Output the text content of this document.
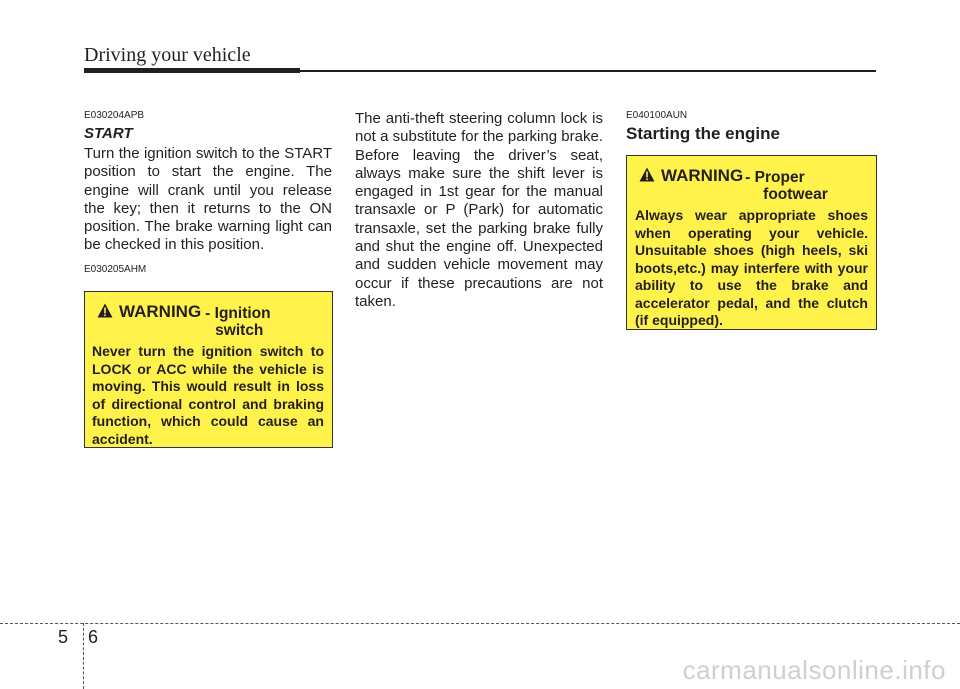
Driving your vehicle
E030204APB
START
Turn the ignition switch to the START position to start the engine. The engine will crank until you release the key; then it returns to the ON position. The brake warning light can be checked in this position.
E030205AHM
WARNING - Ignition
switch
Never turn the ignition switch to LOCK or ACC while the vehicle is moving. This would result in loss of directional control and braking function, which could cause an accident.
The anti-theft steering column lock is not a substitute for the parking brake. Before leaving the driver’s seat, always make sure the shift lever is engaged in 1st gear for the manual transaxle or P (Park) for automatic transaxle, set the parking brake fully and shut the engine off. Unexpected and sudden vehicle movement may occur if these precautions are not taken.
E040100AUN
Starting the engine
WARNING - Proper
footwear
Always wear appropriate shoes when operating your vehicle. Unsuitable shoes (high heels, ski boots,etc.) may interfere with your ability to use the brake and accelerator pedal, and the clutch (if equipped).
5 6
carmanualsonline.info
